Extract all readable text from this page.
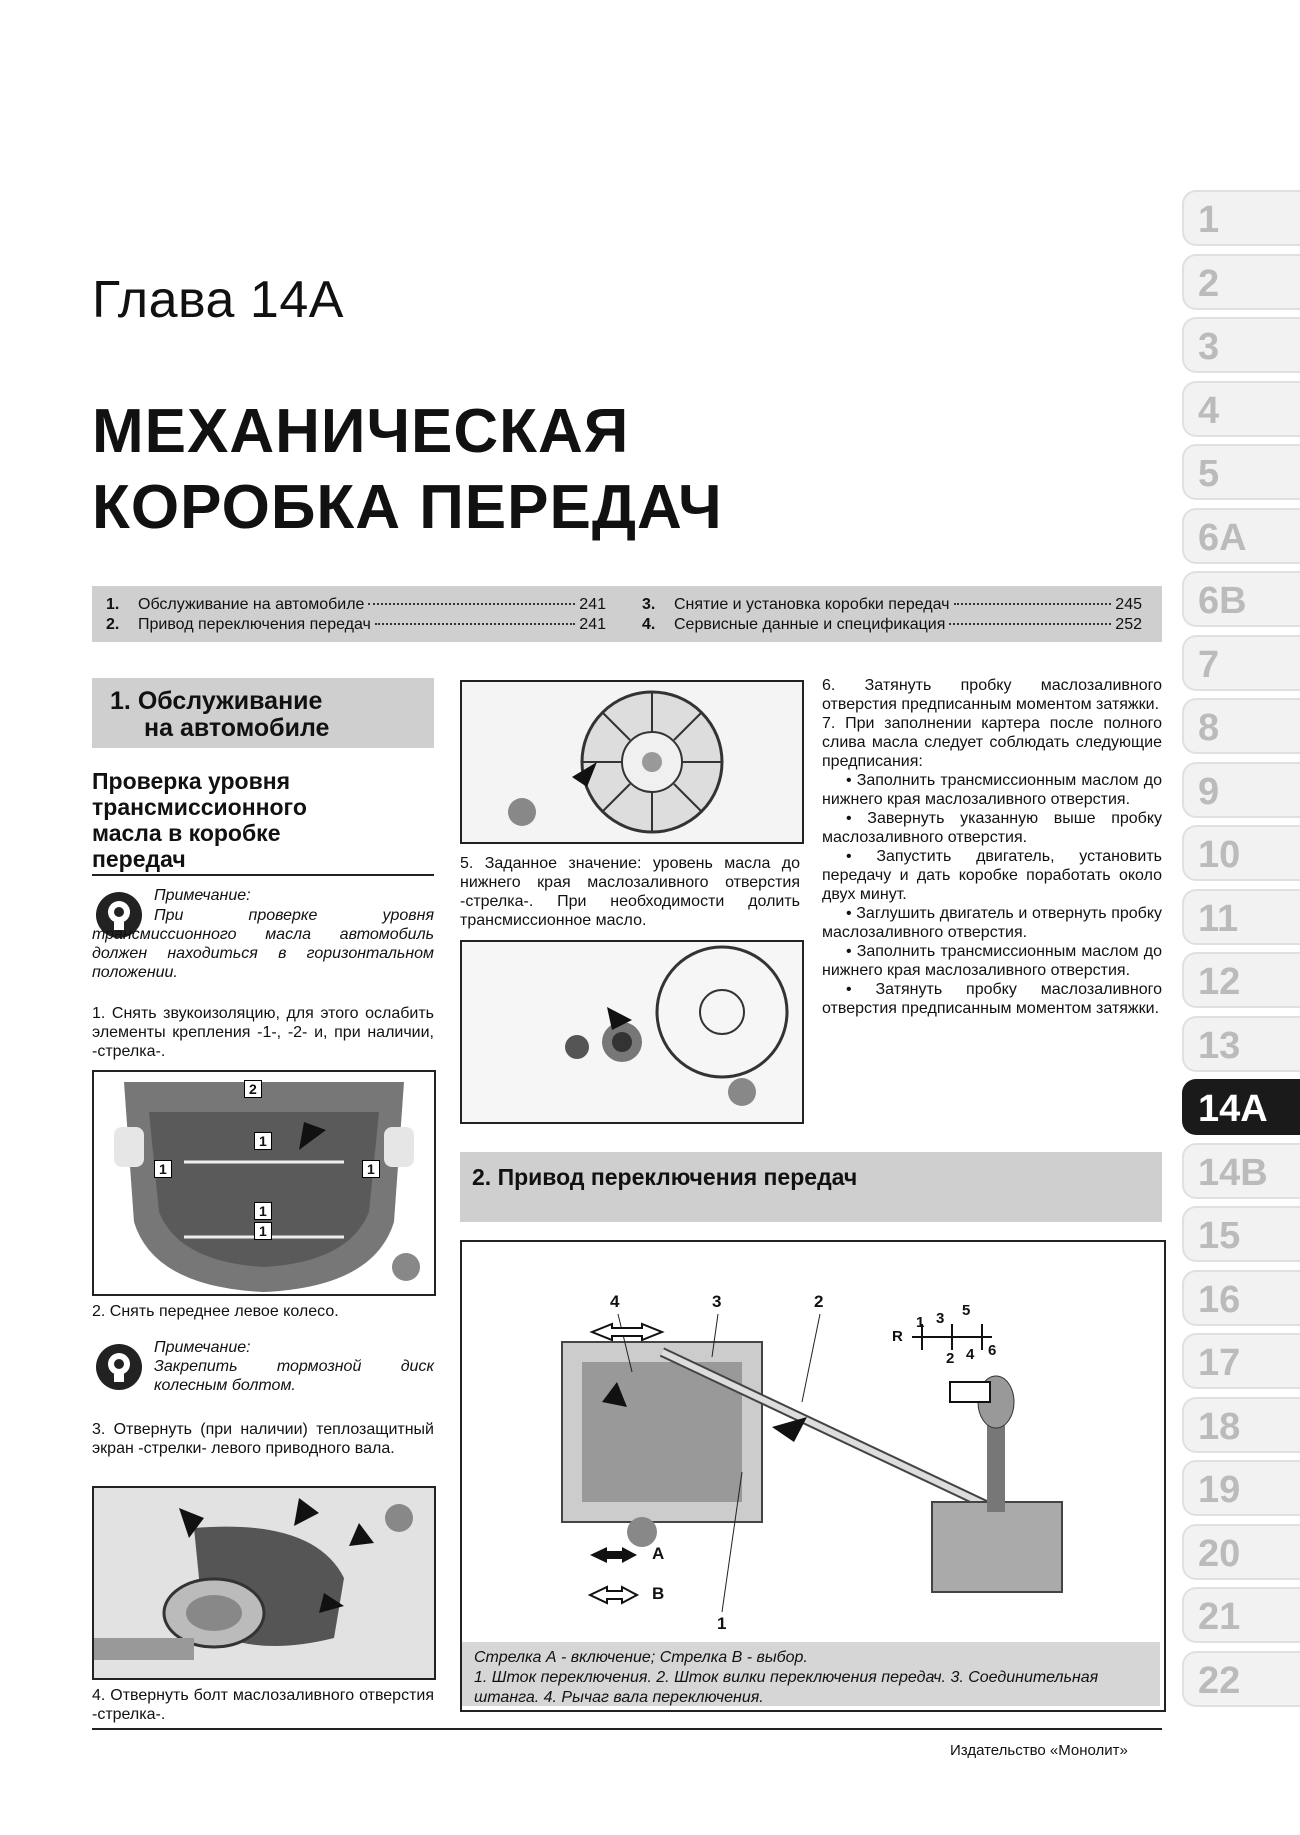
Глава 14А
МЕХАНИЧЕСКАЯ
КОРОБКА ПЕРЕДАЧ
1.	Обслуживание на автомобиле	241
2.	Привод переключения передач	241
3.	Снятие и установка коробки передач	245
4.	Сервисные данные и спецификация	252
1
2
3
4
5
6A
6B
7
8
9
10
11
12
13
14A
14B
15
16
17
18
19
20
21
22
1. Обслуживание
на автомобиле
Проверка уровня
трансмиссионного
масла в коробке
передач
Примечание:
При проверке уровня трансмиссионного масла автомобиль должен находиться в горизонтальном положении.
1. Снять звукоизоляцию, для этого ослабить элементы крепления -1-, -2- и, при наличии, -стрелка-.
2
1
1	1
1
1
2. Снять переднее левое колесо.
Примечание:
Закрепить тормозной диск колесным болтом.
3. Отвернуть (при наличии) теплозащитный экран -стрелки- левого приводного вала.
4. Отвернуть болт маслозаливного отверстия -стрелка-.
5. Заданное значение: уровень масла до нижнего края маслозаливного отверстия -стрелка-. При необходимости долить трансмиссионное масло.
6. Затянуть пробку маслозаливного отверстия предписанным моментом затяжки.
7. При заполнении картера после полного слива масла следует соблюдать следующие предписания:
• Заполнить трансмиссионным маслом до нижнего края маслозаливного отверстия.
• Завернуть указанную выше пробку маслозаливного отверстия.
• Запустить двигатель, установить передачу и дать коробке поработать около двух минут.
• Заглушить двигатель и отвернуть пробку маслозаливного отверстия.
• Заполнить трансмиссионным маслом до нижнего края маслозаливного отверстия.
• Затянуть пробку маслозаливного отверстия предписанным моментом затяжки.
2. Привод переключения передач
4	3	2
1
A
B
R
1 3 5
2 4 6
Стрелка А - включение; Стрелка В - выбор.
1. Шток переключения. 2. Шток вилки переключения передач. 3. Соединительная штанга. 4. Рычаг вала переключения.
Издательство «Монолит»
